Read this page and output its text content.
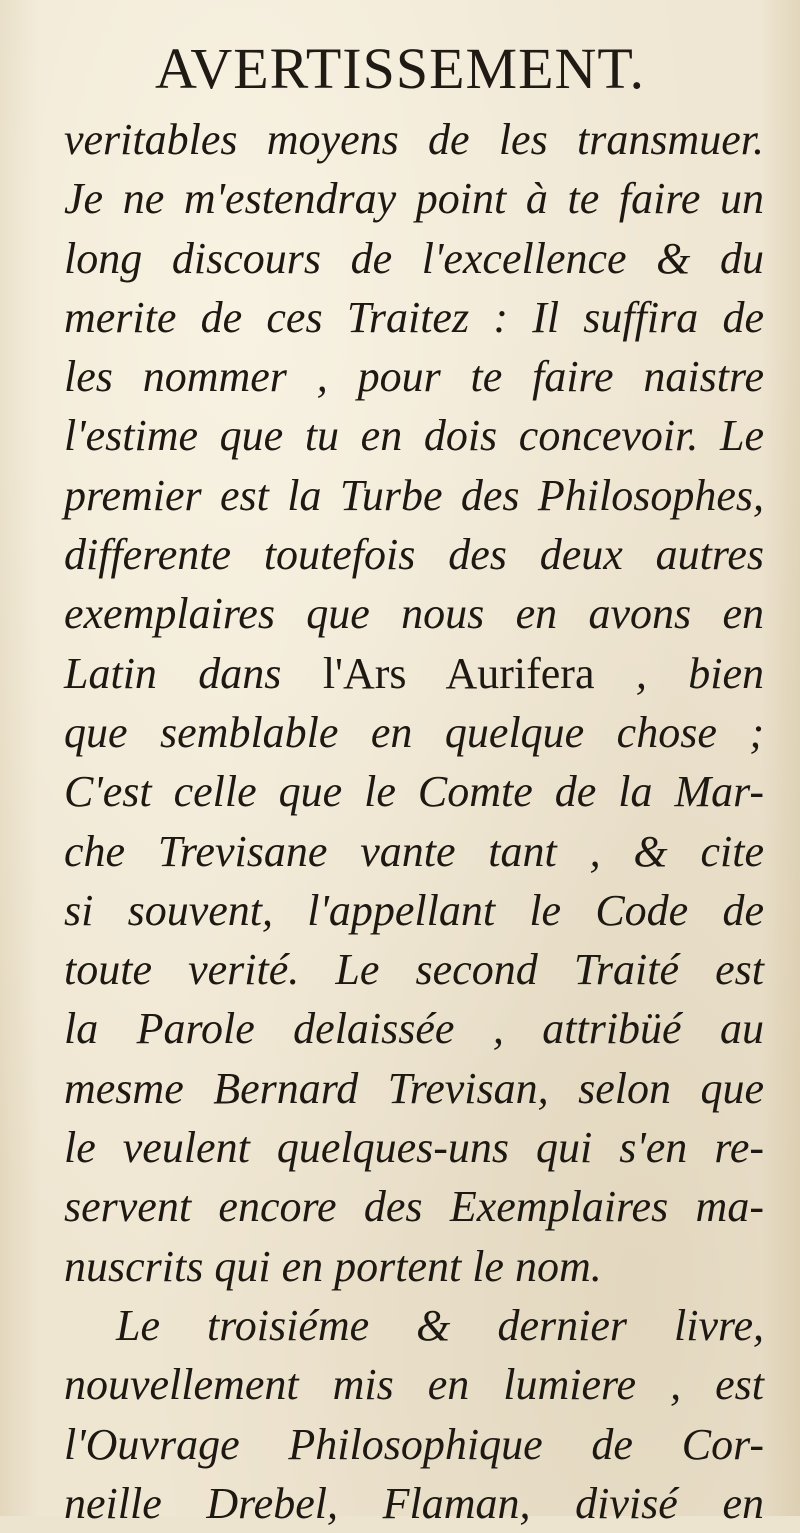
AVERTISSEMENT.
veritables moyens de les transmuer.
Je ne m'estendray point à te faire un
long discours de l'excellence & du
merite de ces Traitez : Il suffira de
les nommer , pour te faire naistre
l'estime que tu en dois concevoir. Le
premier est la Turbe des Philosophes,
differente toutefois des deux autres
exemplaires que nous en avons en
Latin dans l'Ars Aurifera , bien
que semblable en quelque chose ;
C'est celle que le Comte de la Mar-
che Trevisane vante tant , & cite
si souvent, l'appellant le Code de
toute verité. Le second Traité est
la Parole delaissée , attribüé au
mesme Bernard Trevisan, selon que
le veulent quelques-uns qui s'en re-
servent encore des Exemplaires ma-
nuscrits qui en portent le nom.
Le troisiéme & dernier livre,
nouvellement mis en lumiere , est
l'Ouvrage Philosophique de Cor-
neille Drebel, Flaman, divisé en
